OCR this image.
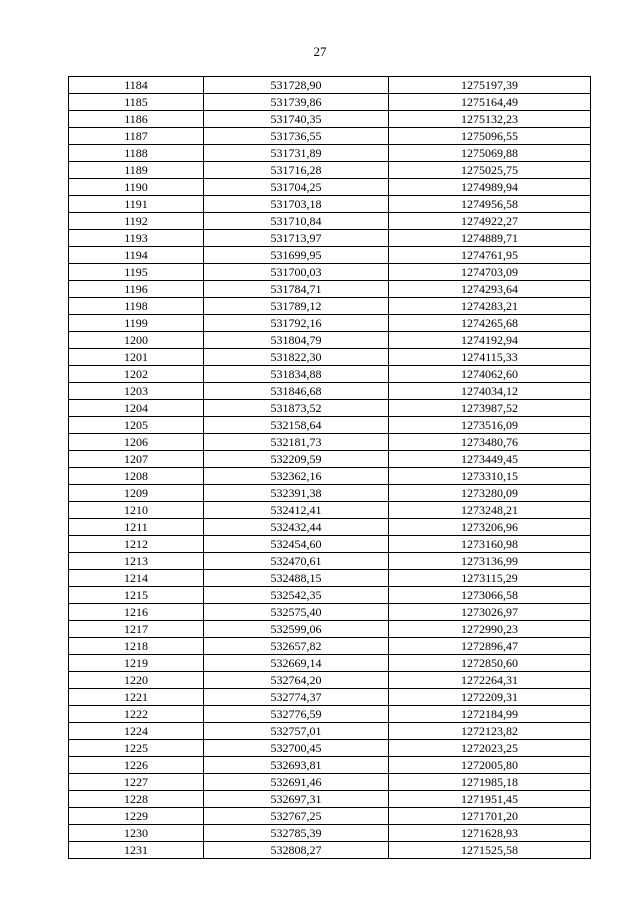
27
1184	531728,90	1275197,39
1185	531739,86	1275164,49
1186	531740,35	1275132,23
1187	531736,55	1275096,55
1188	531731,89	1275069,88
1189	531716,28	1275025,75
1190	531704,25	1274989,94
1191	531703,18	1274956,58
1192	531710,84	1274922,27
1193	531713,97	1274889,71
1194	531699,95	1274761,95
1195	531700,03	1274703,09
1196	531784,71	1274293,64
1198	531789,12	1274283,21
1199	531792,16	1274265,68
1200	531804,79	1274192,94
1201	531822,30	1274115,33
1202	531834,88	1274062,60
1203	531846,68	1274034,12
1204	531873,52	1273987,52
1205	532158,64	1273516,09
1206	532181,73	1273480,76
1207	532209,59	1273449,45
1208	532362,16	1273310,15
1209	532391,38	1273280,09
1210	532412,41	1273248,21
1211	532432,44	1273206,96
1212	532454,60	1273160,98
1213	532470,61	1273136,99
1214	532488,15	1273115,29
1215	532542,35	1273066,58
1216	532575,40	1273026,97
1217	532599,06	1272990,23
1218	532657,82	1272896,47
1219	532669,14	1272850,60
1220	532764,20	1272264,31
1221	532774,37	1272209,31
1222	532776,59	1272184,99
1224	532757,01	1272123,82
1225	532700,45	1272023,25
1226	532693,81	1272005,80
1227	532691,46	1271985,18
1228	532697,31	1271951,45
1229	532767,25	1271701,20
1230	532785,39	1271628,93
1231	532808,27	1271525,58
